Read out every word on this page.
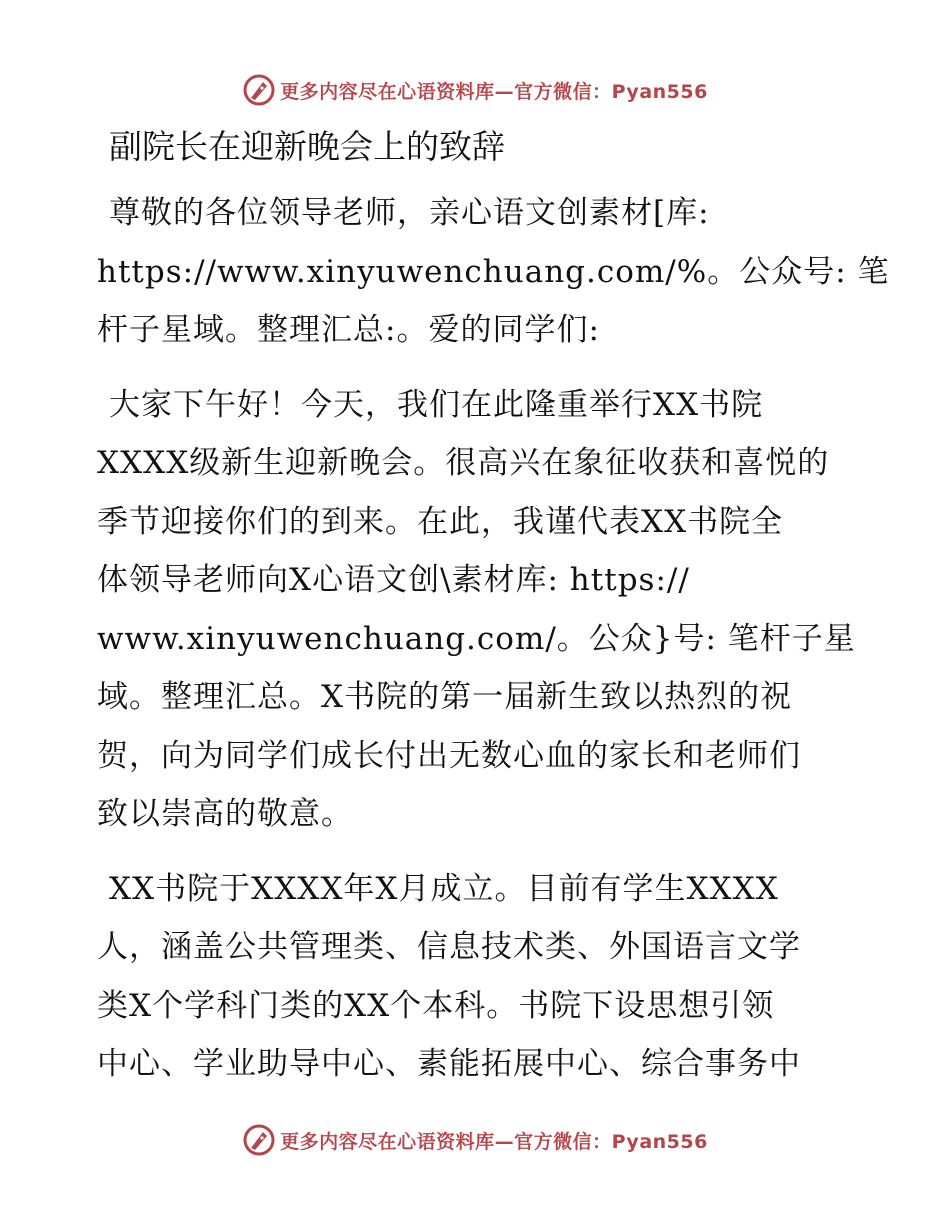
更多内容尽在心语资料库—官方微信：Pyan556
副院长在迎新晚会上的致辞
尊敬的各位领导老师，亲心语文创素材[库:
https://www.xinyuwenchuang.com/%。公众号: 笔
杆子星域。整理汇总:。爱的同学们:
大家下午好！今天，我们在此隆重举行XX书院
XXXX级新生迎新晚会。很高兴在象征收获和喜悦的
季节迎接你们的到来。在此，我谨代表XX书院全
体领导老师向X心语文创\素材库: https://
www.xinyuwenchuang.com/。公众}号: 笔杆子星
域。整理汇总。X书院的第一届新生致以热烈的祝
贺，向为同学们成长付出无数心血的家长和老师们
致以崇高的敬意。
XX书院于XXXX年X月成立。目前有学生XXXX
人，涵盖公共管理类、信息技术类、外国语言文学
类X个学科门类的XX个本科。书院下设思想引领
中心、学业助导中心、素能拓展中心、综合事务中
更多内容尽在心语资料库—官方微信：Pyan556
